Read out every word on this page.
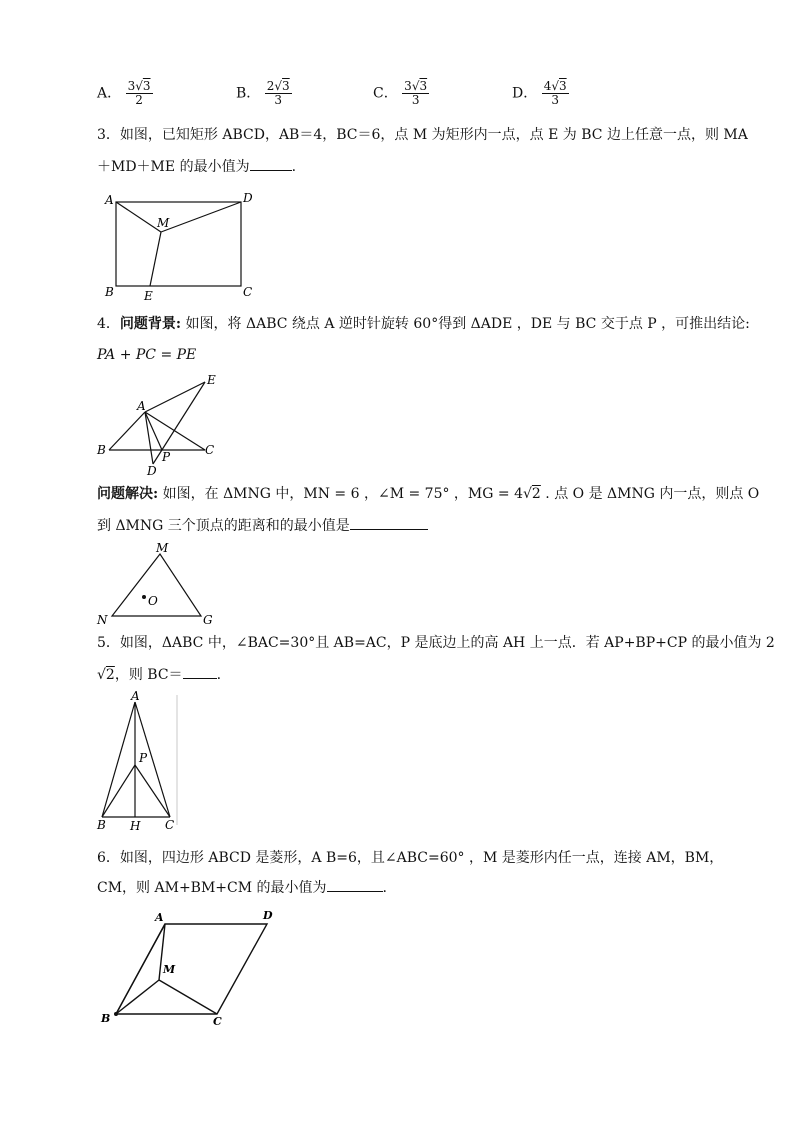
A． $\frac{3√3}{2}$	B． $\frac{2√3}{3}$	C． $\frac{3√3}{3}$	D． $\frac{4√3}{3}$
3．如图，已知矩形 ABCD，AB＝4，BC＝6，点 M 为矩形内一点，点 E 为 BC 边上任意一点，则 MA
＋MD＋ME 的最小值为	.
A	D
M
B	E	C
4．问题背景: 如图，将 ΔABC 绕点 A 逆时针旋转 60°得到 ΔADE ，DE 与 BC 交于点 P ，可推出结论:
PA + PC = PE
A
E
B	P	C
D
问题解决: 如图，在 ΔMNG 中，MN = 6 ，∠M = 75° ，MG = 4√2 . 点 O 是 ΔMNG 内一点，则点 O
到 ΔMNG 三个顶点的距离和的最小值是
M
O
N	G
5．如图，ΔABC 中，∠BAC=30°且 AB=AC，P 是底边上的高 AH 上一点．若 AP+BP+CP 的最小值为 2
√2，则 BC＝ .
A
P
B H C
6．如图，四边形 ABCD 是菱形，A B=6，且∠ABC=60° ，M 是菱形内任一点，连接 AM，BM，
CM，则 AM+BM+CM 的最小值为	.
A	D
M
B	C
